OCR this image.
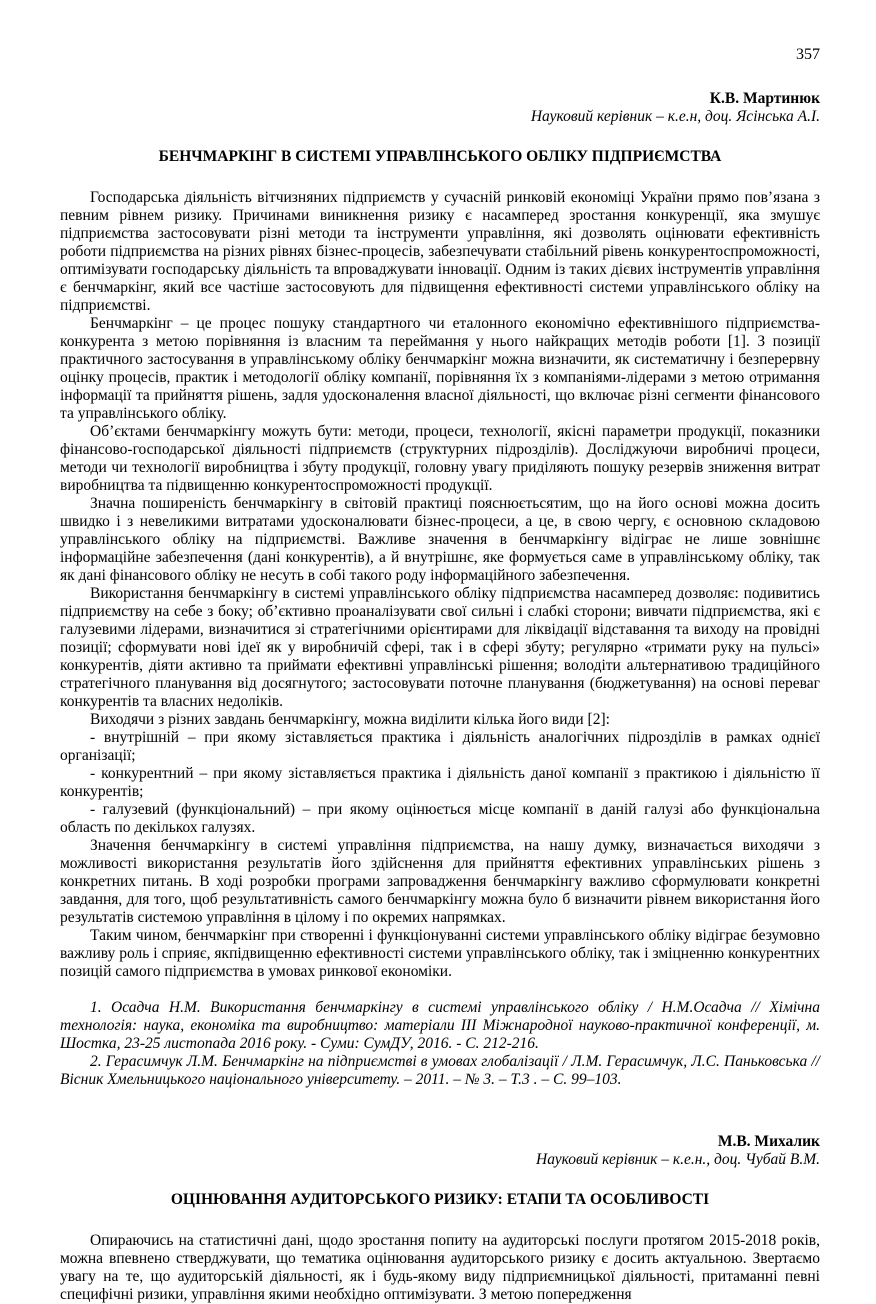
357
К.В. Мартинюк
Науковий керівник – к.е.н, доц. Ясінська А.І.
БЕНЧМАРКІНГ В СИСТЕМІ УПРАВЛІНСЬКОГО ОБЛІКУ ПІДПРИЄМСТВА

Господарська діяльність вітчизняних підприємств у сучасній ринковій економіці України прямо пов’язана з певним рівнем ризику. Причинами виникнення ризику є насамперед зростання конкуренції, яка змушує підприємства застосовувати різні методи та інструменти управління, які дозволять оцінювати ефективність роботи підприємства на різних рівнях бізнес-процесів, забезпечувати стабільний рівень конкурентоспроможності, оптимізувати господарську діяльність та впроваджувати інновації. Одним із таких дієвих інструментів управління є бенчмаркінг, який все частіше застосовують для підвищення ефективності системи управлінського обліку на підприємстві.

Бенчмаркінг – це процес пошуку стандартного чи еталонного економічно ефективнішого підприємства-конкурента з метою порівняння із власним та переймання у нього найкращих методів роботи [1]. З позиції практичного застосування в управлінському обліку бенчмаркінг можна визначити, як систематичну і безперервну оцінку процесів, практик і методології обліку компанії, порівняння їх з компаніями-лідерами з метою отримання інформації та прийняття рішень, задля удосконалення власної діяльності, що включає різні сегменти фінансового та управлінського обліку.

Об’єктами бенчмаркінгу можуть бути: методи, процеси, технології, якісні параметри продукції, показники фінансово-господарської діяльності підприємств (структурних підрозділів). Досліджуючи виробничі процеси, методи чи технології виробництва і збуту продукції, головну увагу приділяють пошуку резервів зниження витрат виробництва та підвищенню конкурентоспроможності продукції.

Значна поширеність бенчмаркінгу в світовій практиці пояснюєтьсятим, що на його основі можна досить швидко і з невеликими витратами удосконалювати бізнес-процеси, а це, в свою чергу, є основною складовою управлінського обліку на підприємстві. Важливе значення в бенчмаркінгу відіграє не лише зовнішнє інформаційне забезпечення (дані конкурентів), а й внутрішнє, яке формується саме в управлінському обліку, так як дані фінансового обліку не несуть в собі такого роду інформаційного забезпечення.

Використання бенчмаркінгу в системі управлінського обліку підприємства насамперед дозволяє: подивитись підприємству на себе з боку; об’єктивно проаналізувати свої сильні і слабкі сторони; вивчати підприємства, які є галузевими лідерами, визначитися зі стратегічними орієнтирами для ліквідації відставання та виходу на провідні позиції; сформувати нові ідеї як у виробничій сфері, так і в сфері збуту; регулярно «тримати руку на пульсі» конкурентів, діяти активно та приймати ефективні управлінські рішення; володіти альтернативою традиційного стратегічного планування від досягнутого; застосовувати поточне планування (бюджетування) на основі переваг конкурентів та власних недоліків.

Виходячи з різних завдань бенчмаркінгу, можна виділити кілька його види [2]:

- внутрішній – при якому зіставляється практика і діяльність аналогічних підрозділів в рамках однієї організації;

- конкурентний – при якому зіставляється практика і діяльність даної компанії з практикою і діяльністю її конкурентів;

- галузевий (функціональний) – при якому оцінюється місце компанії в даній галузі або функціональна область по декількох галузях.

Значення бенчмаркінгу в системі управління підприємства, на нашу думку, визначається виходячи з можливості використання результатів його здійснення для прийняття ефективних управлінських рішень з конкретних питань. В ході розробки програми запровадження бенчмаркінгу важливо сформулювати конкретні завдання, для того, щоб результативність самого бенчмаркінгу можна було б визначити рівнем використання його результатів системою управління в цілому і по окремих напрямках.

Таким чином, бенчмаркінг при створенні і функціонуванні системи управлінського обліку відіграє безумовно важливу роль і сприяє, якпідвищенню ефективності системи управлінського обліку, так і зміцненню конкурентних позицій самого підприємства в умовах ринкової економіки.

1. Осадча Н.М. Використання бенчмаркінгу в системі управлінського обліку / Н.М.Осадча // Хімічна технологія: наука, економіка та виробництво: матеріали ІІІ Міжнародної науково-практичної конференції, м. Шостка, 23-25 листопада 2016 року. - Суми: СумДУ, 2016. - С. 212-216.

2. Герасимчук Л.М. Бенчмаркінг на підприємстві в умовах глобалізації / Л.М. Герасимчук, Л.С. Паньковська // Вісник Хмельницького національного університету. – 2011. – № 3. – Т.3 . – С. 99–103.

М.В. Михалик
Науковий керівник – к.е.н., доц. Чубай В.М.
ОЦІНЮВАННЯ АУДИТОРСЬКОГО РИЗИКУ: ЕТАПИ ТА ОСОБЛИВОСТІ

Опираючись на статистичні дані, щодо зростання попиту на аудиторські послуги протягом 2015-2018 років, можна впевнено стверджувати, що тематика оцінювання аудиторського ризику є досить актуальною. Звертаємо увагу на те, що аудиторській діяльності, як і будь-якому виду підприємницької діяльності, притаманні певні специфічні ризики, управління якими необхідно оптимізувати. З метою попередження
